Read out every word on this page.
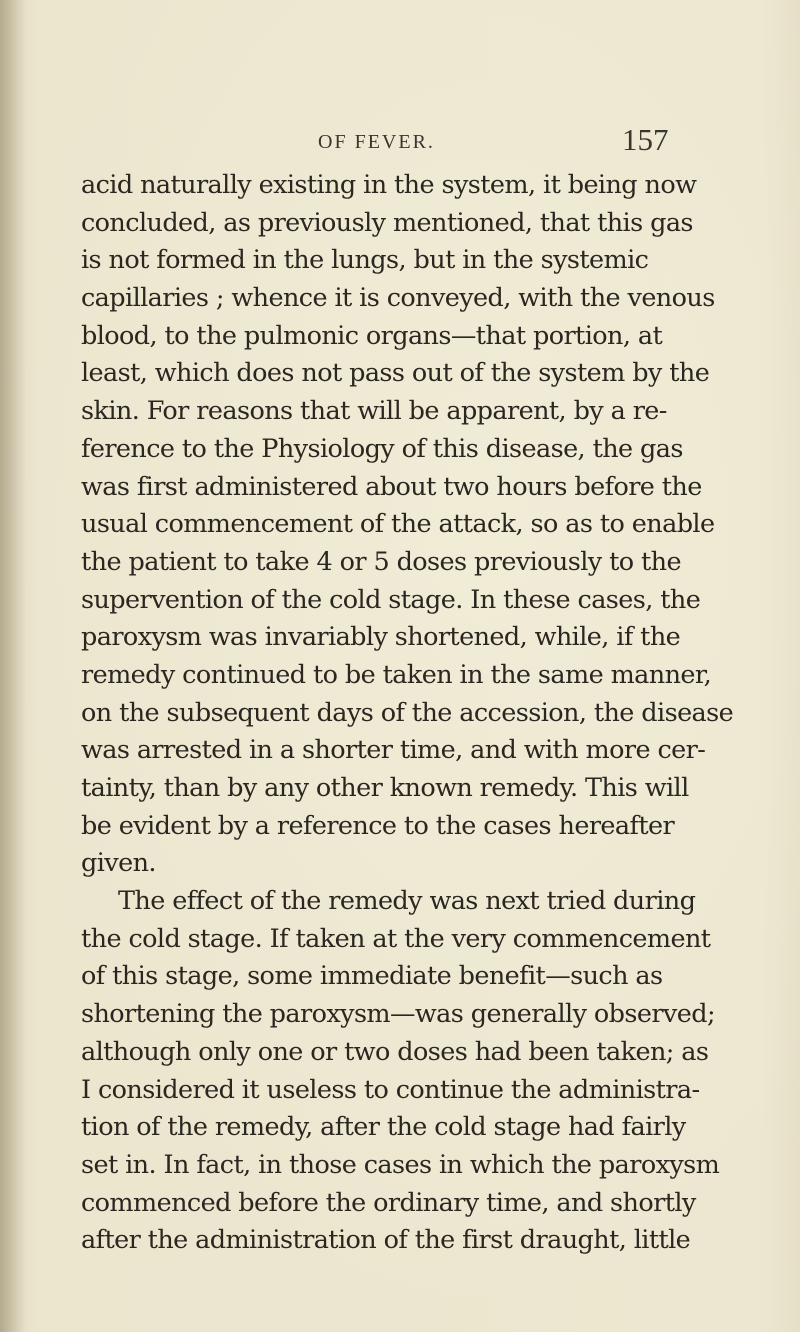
OF FEVER.	157
acid naturally existing in the system, it being now
concluded, as previously mentioned, that this gas
is not formed in the lungs, but in the systemic
capillaries ; whence it is conveyed, with the venous
blood, to the pulmonic organs—that portion, at
least, which does not pass out of the system by the
skin. For reasons that will be apparent, by a re-
ference to the Physiology of this disease, the gas
was first administered about two hours before the
usual commencement of the attack, so as to enable
the patient to take 4 or 5 doses previously to the
supervention of the cold stage. In these cases, the
paroxysm was invariably shortened, while, if the
remedy continued to be taken in the same manner,
on the subsequent days of the accession, the disease
was arrested in a shorter time, and with more cer-
tainty, than by any other known remedy. This will
be evident by a reference to the cases hereafter
given.
The effect of the remedy was next tried during
the cold stage. If taken at the very commencement
of this stage, some immediate benefit—such as
shortening the paroxysm—was generally observed;
although only one or two doses had been taken; as
I considered it useless to continue the administra-
tion of the remedy, after the cold stage had fairly
set in. In fact, in those cases in which the paroxysm
commenced before the ordinary time, and shortly
after the administration of the first draught, little
